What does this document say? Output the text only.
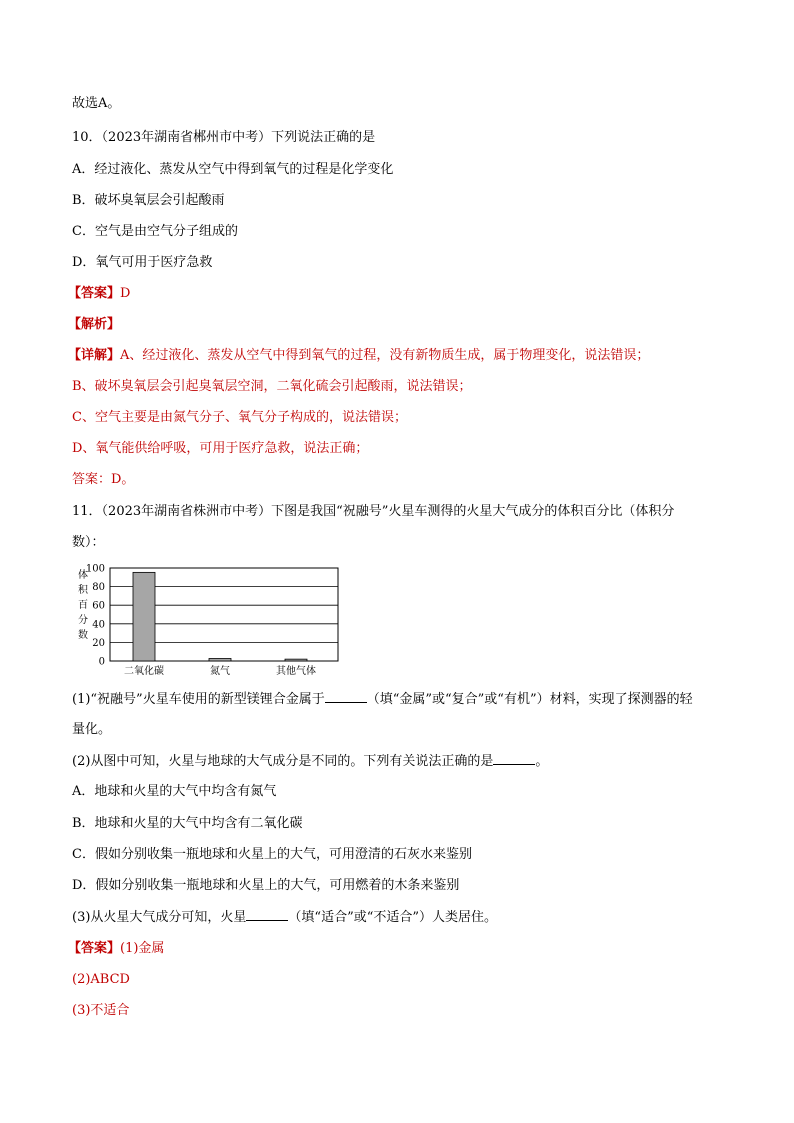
故选A。
10．（2023年湖南省郴州市中考）下列说法正确的是
A．经过液化、蒸发从空气中得到氧气的过程是化学变化
B．破坏臭氧层会引起酸雨
C．空气是由空气分子组成的
D．氧气可用于医疗急救
【答案】D
【解析】
【详解】A、经过液化、蒸发从空气中得到氧气的过程，没有新物质生成，属于物理变化，说法错误；
B、破坏臭氧层会引起臭氧层空洞，二氧化硫会引起酸雨，说法错误；
C、空气主要是由氮气分子、氧气分子构成的，说法错误；
D、氧气能供给呼吸，可用于医疗急救，说法正确；
答案：D。
11．（2023年湖南省株洲市中考）下图是我国“祝融号”火星车测得的火星大气成分的体积百分比（体积分
数）：
体
积
百
分
数
100
80
60
40
20
0
二氧化碳	氮气	其他气体
(1)“祝融号”火星车使用的新型镁锂合金属于	（填“金属”或“复合”或“有机”）材料，实现了探测器的轻
量化。
(2)从图中可知，火星与地球的大气成分是不同的。下列有关说法正确的是	。
A．地球和火星的大气中均含有氮气
B．地球和火星的大气中均含有二氧化碳
C．假如分别收集一瓶地球和火星上的大气，可用澄清的石灰水来鉴别
D．假如分别收集一瓶地球和火星上的大气，可用燃着的木条来鉴别
(3)从火星大气成分可知，火星	（填“适合”或“不适合”）人类居住。
【答案】(1)金属
(2)ABCD
(3)不适合
